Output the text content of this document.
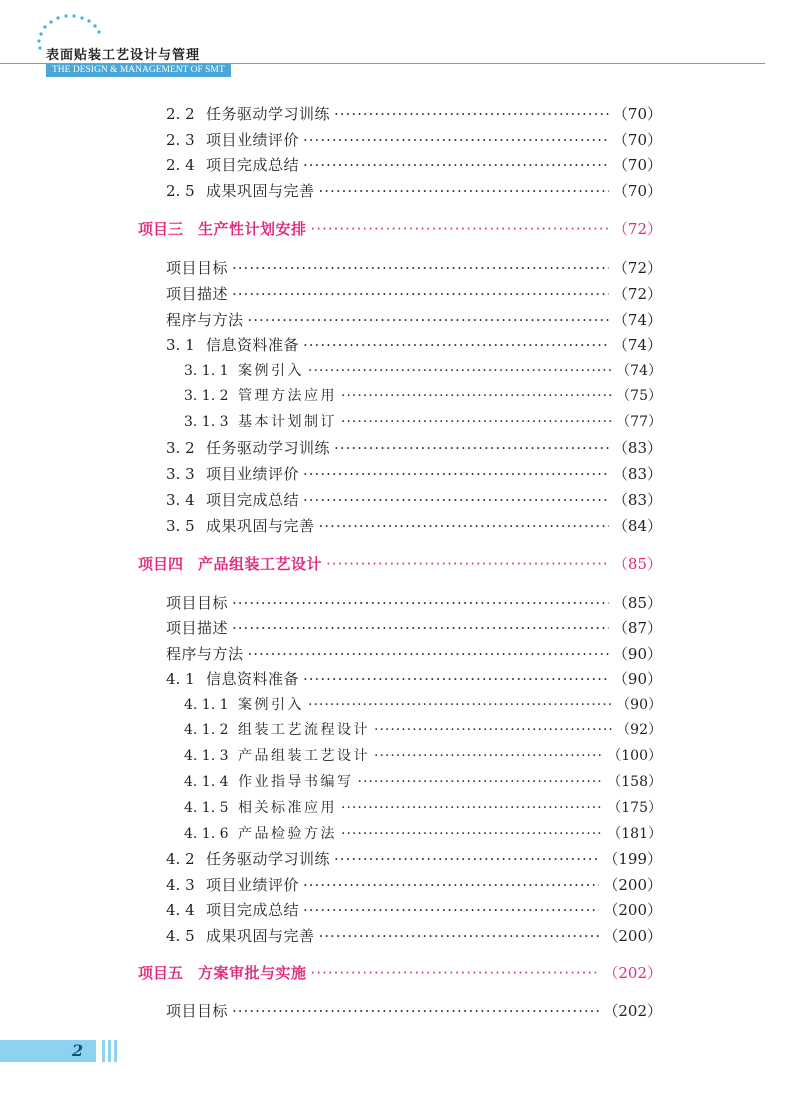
表面贴装工艺设计与管理
THE DESIGN & MANAGEMENT OF SMT
2. 2 任务驱动学习训练 ·····	（70）
2. 3 项目业绩评价 ·····	（70）
2. 4 项目完成总结 ·····	（70）
2. 5 成果巩固与完善 ·····	（70）
项目三 生产性计划安排 ·····	（72）
项目目标 ·····	（72）
项目描述 ·····	（72）
程序与方法 ·····	（74）
3. 1 信息资料准备 ·····	（74）
3. 1. 1 案例引入 ·····	（74）
3. 1. 2 管理方法应用 ·····	（75）
3. 1. 3 基本计划制订 ·····	（77）
3. 2 任务驱动学习训练 ·····	（83）
3. 3 项目业绩评价 ·····	（83）
3. 4 项目完成总结 ·····	（83）
3. 5 成果巩固与完善 ·····	（84）
项目四 产品组装工艺设计 ·····	（85）
项目目标 ·····	（85）
项目描述 ·····	（87）
程序与方法 ·····	（90）
4. 1 信息资料准备 ·····	（90）
4. 1. 1 案例引入 ·····	（90）
4. 1. 2 组装工艺流程设计 ·····	（92）
4. 1. 3 产品组装工艺设计 ·····	（100）
4. 1. 4 作业指导书编写 ·····	（158）
4. 1. 5 相关标准应用 ·····	（175）
4. 1. 6 产品检验方法 ·····	（181）
4. 2 任务驱动学习训练 ·····	（199）
4. 3 项目业绩评价 ·····	（200）
4. 4 项目完成总结 ·····	（200）
4. 5 成果巩固与完善 ·····	（200）
项目五 方案审批与实施 ·····	（202）
项目目标 ·····	（202）
2
